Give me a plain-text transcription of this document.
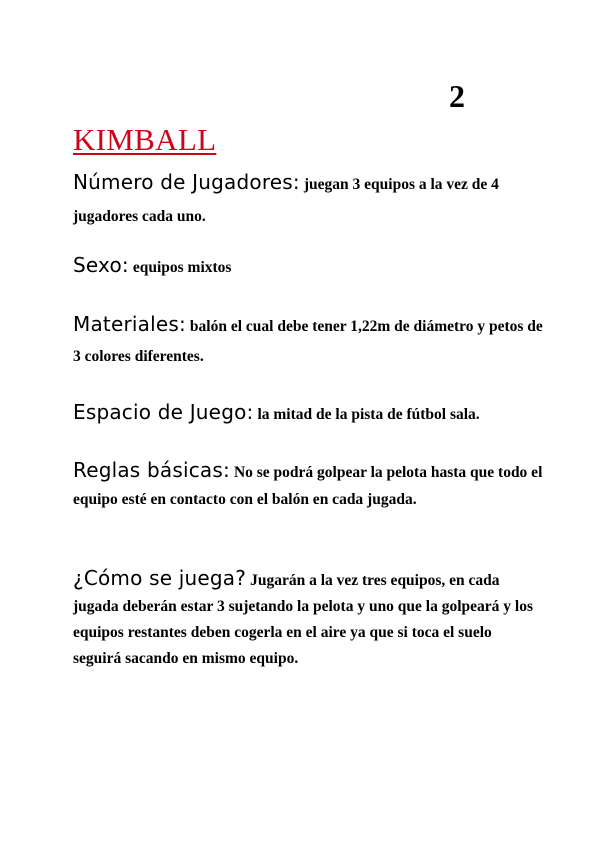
2
KIMBALL

Número de Jugadores: juegan 3 equipos a la vez de 4 jugadores cada uno.

Sexo: equipos mixtos

Materiales: balón el cual debe tener 1,22m de diámetro y petos de 3 colores diferentes.

Espacio de Juego: la mitad de la pista de fútbol sala.

Reglas básicas: No se podrá golpear la pelota hasta que todo el equipo esté en contacto con el balón en cada jugada.

¿Cómo se juega? Jugarán a la vez tres equipos, en cada jugada deberán estar 3 sujetando la pelota y uno que la golpeará y los equipos restantes deben cogerla en el aire ya que si toca el suelo seguirá sacando en mismo equipo.
